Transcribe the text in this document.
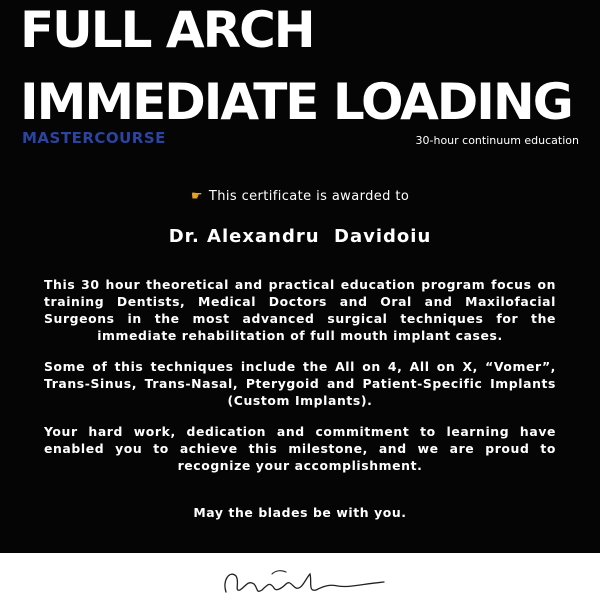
FULL ARCH
IMMEDIATE LOADING
MASTERCOURSE	30-hour continuum education
☛ This certificate is awarded to
Dr. Alexandru  Davidoiu

This 30 hour theoretical and practical education program focus on training Dentists, Medical Doctors and Oral and Maxilofacial Surgeons in the most advanced surgical techniques for the immediate rehabilitation of full mouth implant cases.

Some of this techniques include the All on 4, All on X, “Vomer”, Trans-Sinus, Trans-Nasal, Pterygoid and Patient-Specific Implants (Custom Implants).

Your hard work, dedication and commitment to learning have enabled you to achieve this milestone, and we are proud to recognize your accomplishment.

May the blades be with you.
